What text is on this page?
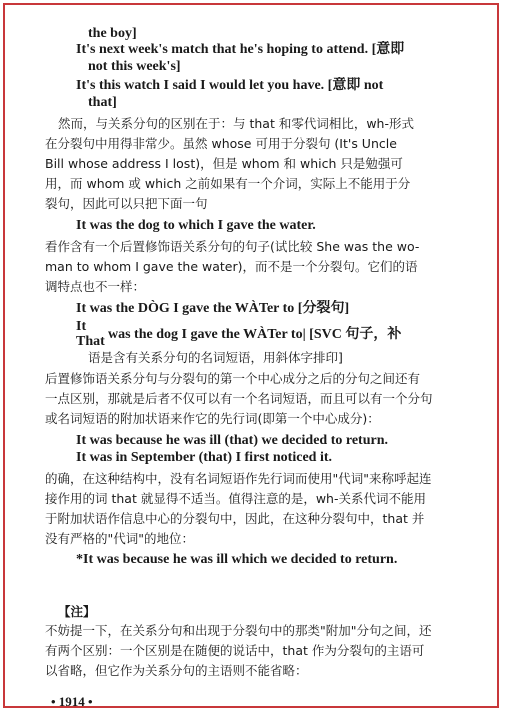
the boy]
It's next week's match that he's hoping to attend. [意即
not this week's]
It's this watch I said I would let you have. [意即 not
that]
然而，与关系分句的区别在于：与 that 和零代词相比，wh-形式
在分裂句中用得非常少。虽然 whose 可用于分裂句 (It's Uncle
Bill whose address I lost)，但是 whom 和 which 只是勉强可
用，而 whom 或 which 之前如果有一个介词，实际上不能用于分
裂句，因此可以只把下面一句
It was the dog to which I gave the water.
看作含有一个后置修饰语关系分句的句子(试比较 She was the wo-
man to whom I gave the water)，而不是一个分裂句。它们的语
调特点也不一样：
It was the DÒG I gave the WÀTer to [分裂句]
It
That was the dog I gave the WÀTer to| [SVC 句子，补
语是含有关系分句的名词短语，用斜体字排印]
后置修饰语关系分句与分裂句的第一个中心成分之后的分句之间还有
一点区别，那就是后者不仅可以有一个名词短语，而且可以有一个分句
或名词短语的附加状语来作它的先行词(即第一个中心成分)：
It was because he was ill (that) we decided to return.
It was in September (that) I first noticed it.
的确，在这种结构中，没有名词短语作先行词而使用"代词"来称呼起连
接作用的词 that 就显得不适当。值得注意的是，wh-关系代词不能用
于附加状语作信息中心的分裂句中，因此，在这种分裂句中，that 并
没有严格的"代词"的地位：
*It was because he was ill which we decided to return.
【注】
不妨提一下，在关系分句和出现于分裂句中的那类"附加"分句之间，还
有两个区别：一个区别是在随便的说话中，that 作为分裂句的主语可
以省略，但它作为关系分句的主语则不能省略：
• 1914 •
